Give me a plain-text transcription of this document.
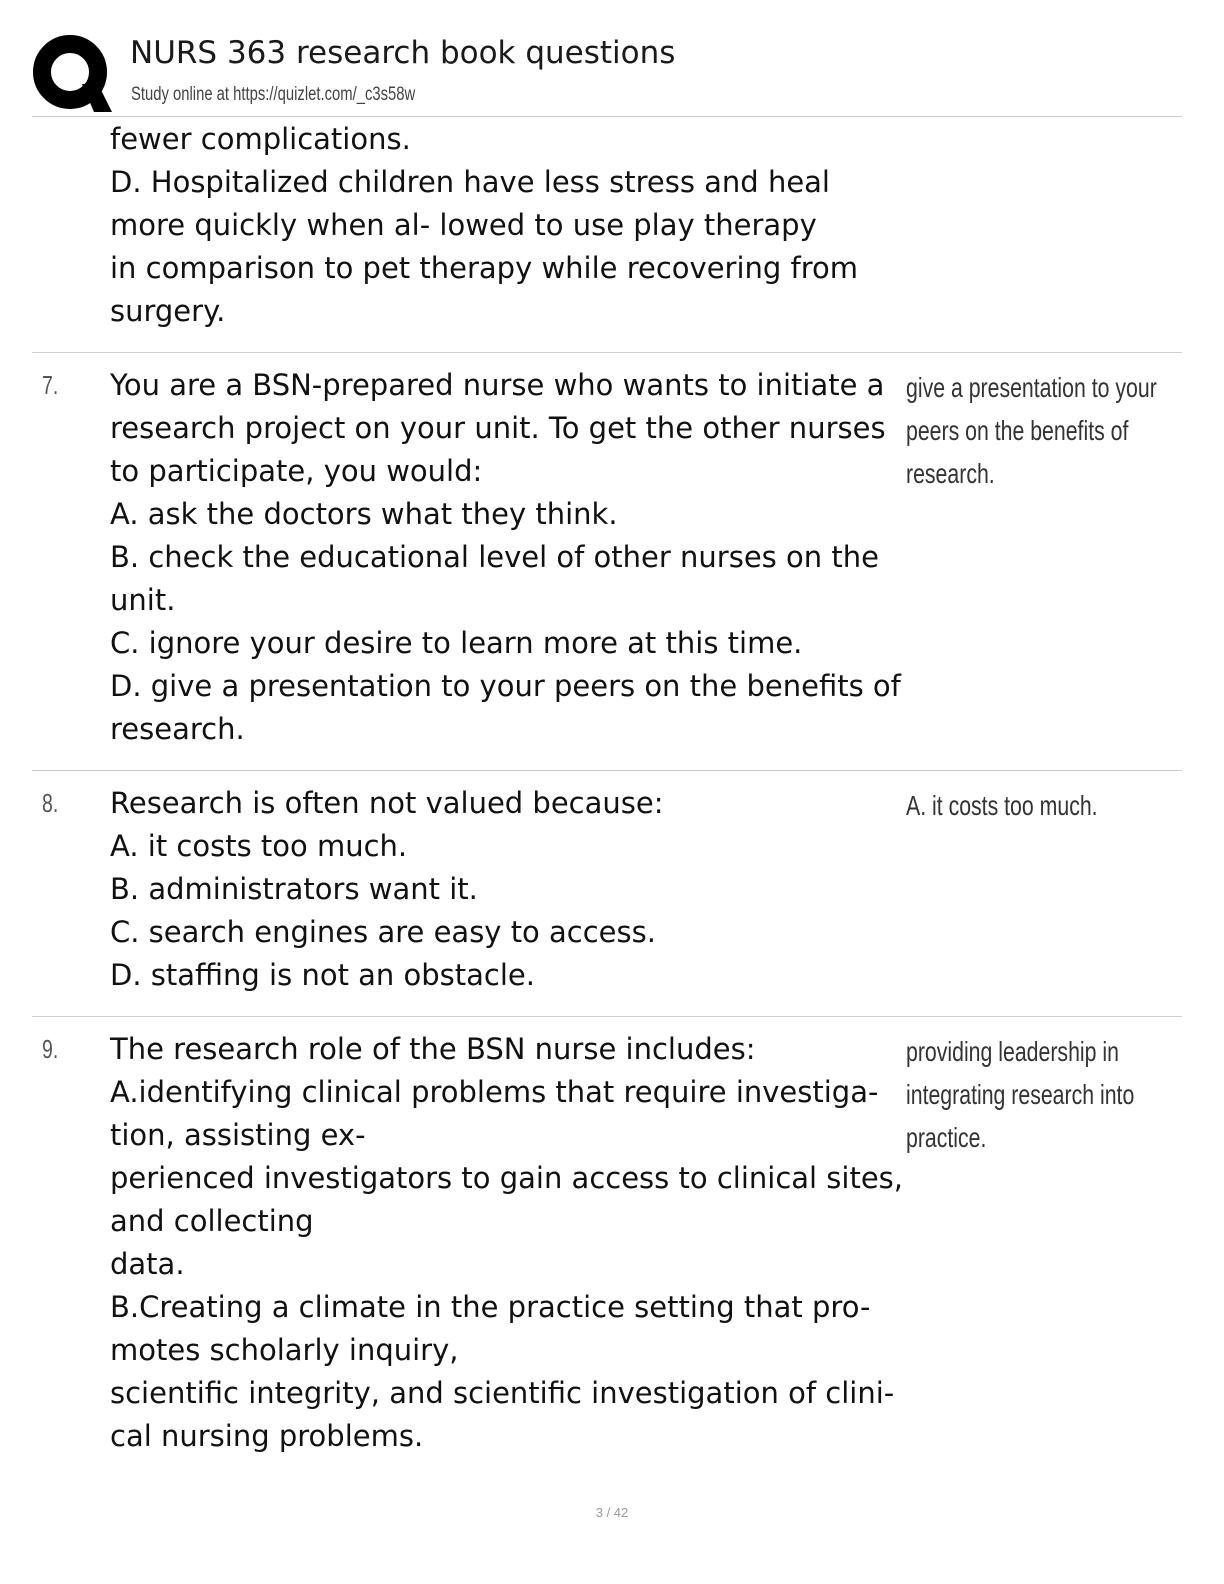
NURS 363 research book questions
Study online at https://quizlet.com/_c3s58w
fewer complications.
D. Hospitalized children have less stress and heal
more quickly when al- lowed to use play therapy
in comparison to pet therapy while recovering from
surgery.
7. You are a BSN-prepared nurse who wants to initiate a
research project on your unit. To get the other nurses
to participate, you would:
A. ask the doctors what they think.
B. check the educational level of other nurses on the
unit.
C. ignore your desire to learn more at this time.
D. give a presentation to your peers on the benefits of
research.
give a presentation to your
peers on the benefits of
research.
8. Research is often not valued because:
A. it costs too much.
B. administrators want it.
C. search engines are easy to access.
D. staffing is not an obstacle.
A. it costs too much.
9. The research role of the BSN nurse includes:
A.identifying clinical problems that require investiga-
tion, assisting ex-
perienced investigators to gain access to clinical sites,
and collecting
data.
B.Creating a climate in the practice setting that pro-
motes scholarly inquiry,
scientific integrity, and scientific investigation of clini-
cal nursing problems.
providing leadership in
integrating research into
practice.
3 / 42
